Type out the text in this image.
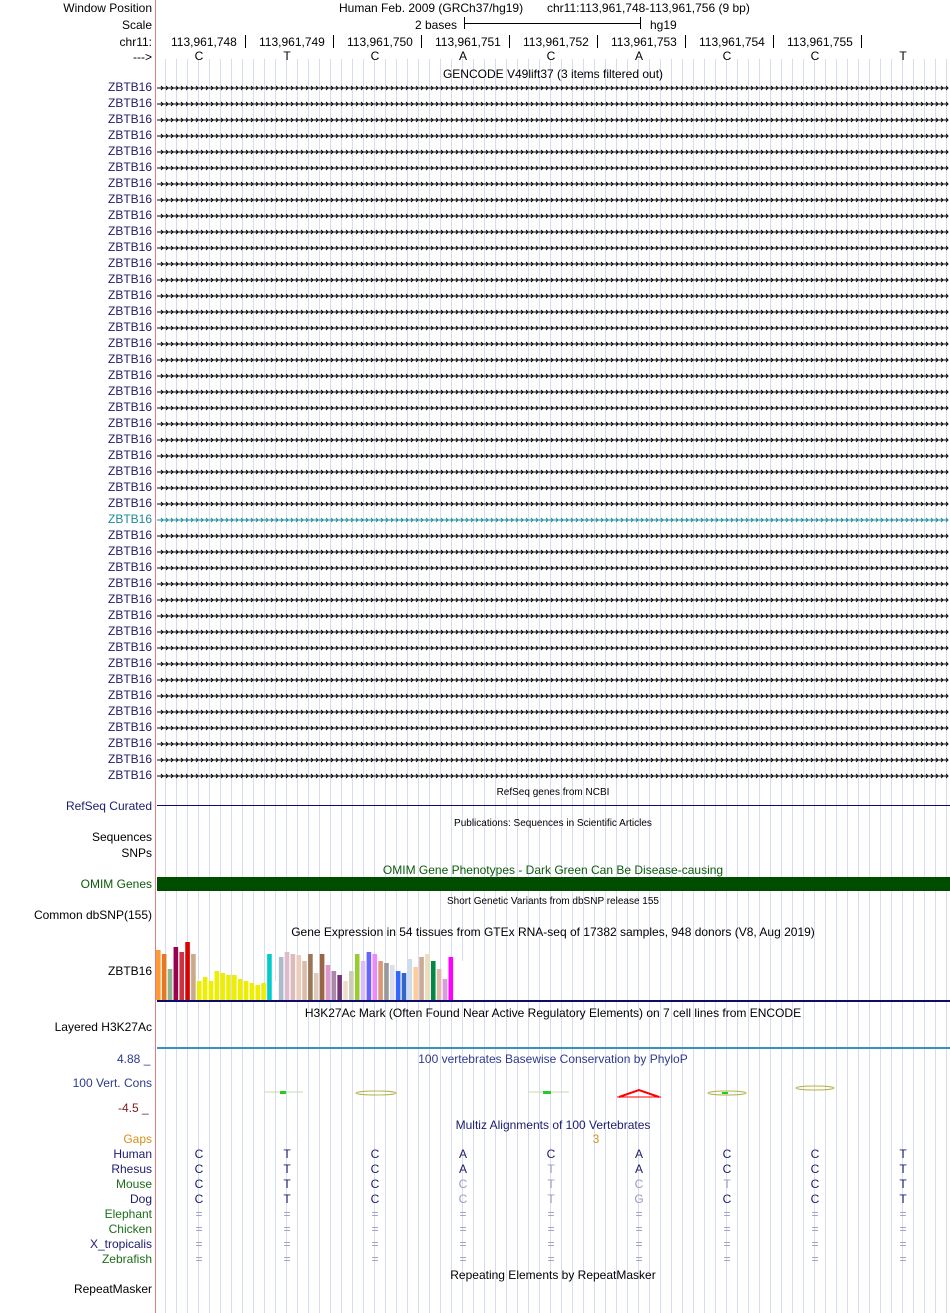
Window Position
Scale
chr11:
--->
Human Feb. 2009 (GRCh37/hg19) chr11:113,961,748-113,961,756 (9 bp)
2 bases	hg19
113,961,748 113,961,749 113,961,750 113,961,751 113,961,752 113,961,753 113,961,754 113,961,755
C	T	C	A	C	A	C	C	T
GENCODE V49lift37 (3 items filtered out)
ZBTB16
ZBTB16
ZBTB16
ZBTB16
ZBTB16
ZBTB16
ZBTB16
ZBTB16
ZBTB16
ZBTB16
ZBTB16
ZBTB16
ZBTB16
ZBTB16
ZBTB16
ZBTB16
ZBTB16
ZBTB16
ZBTB16
ZBTB16
ZBTB16
ZBTB16
ZBTB16
ZBTB16
ZBTB16
ZBTB16
ZBTB16
ZBTB16
ZBTB16
ZBTB16
ZBTB16
ZBTB16
ZBTB16
ZBTB16
ZBTB16
ZBTB16
ZBTB16
ZBTB16
ZBTB16
ZBTB16
ZBTB16
ZBTB16
ZBTB16
ZBTB16
RefSeq genes from NCBI
RefSeq Curated
Publications: Sequences in Scientific Articles
Sequences
SNPs
OMIM Gene Phenotypes - Dark Green Can Be Disease-causing
OMIM Genes
Short Genetic Variants from dbSNP release 155
Common dbSNP(155)
Gene Expression in 54 tissues from GTEx RNA-seq of 17382 samples, 948 donors (V8, Aug 2019)
ZBTB16
H3K27Ac Mark (Often Found Near Active Regulatory Elements) on 7 cell lines from ENCODE
Layered H3K27Ac
100 vertebrates Basewise Conservation by PhyloP
4.88 _
100 Vert. Cons
-4.5 _
Multiz Alignments of 100 Vertebrates
Gaps	3
Human	C	T	C	A	C	A	C	C	T
Rhesus	C	T	C	A	T	A	C	C	T
Mouse	C	T	C	C	T	C	T	C	T
Dog	C	T	C	C	T	G	C	C	T
Elephant	=	=	=	=	=	=	=	=	=
Chicken	=	=	=	=	=	=	=	=	=
X_tropicalis	=	=	=	=	=	=	=	=	=
Zebrafish	=	=	=	=	=	=	=	=	=
Repeating Elements by RepeatMasker
RepeatMasker
